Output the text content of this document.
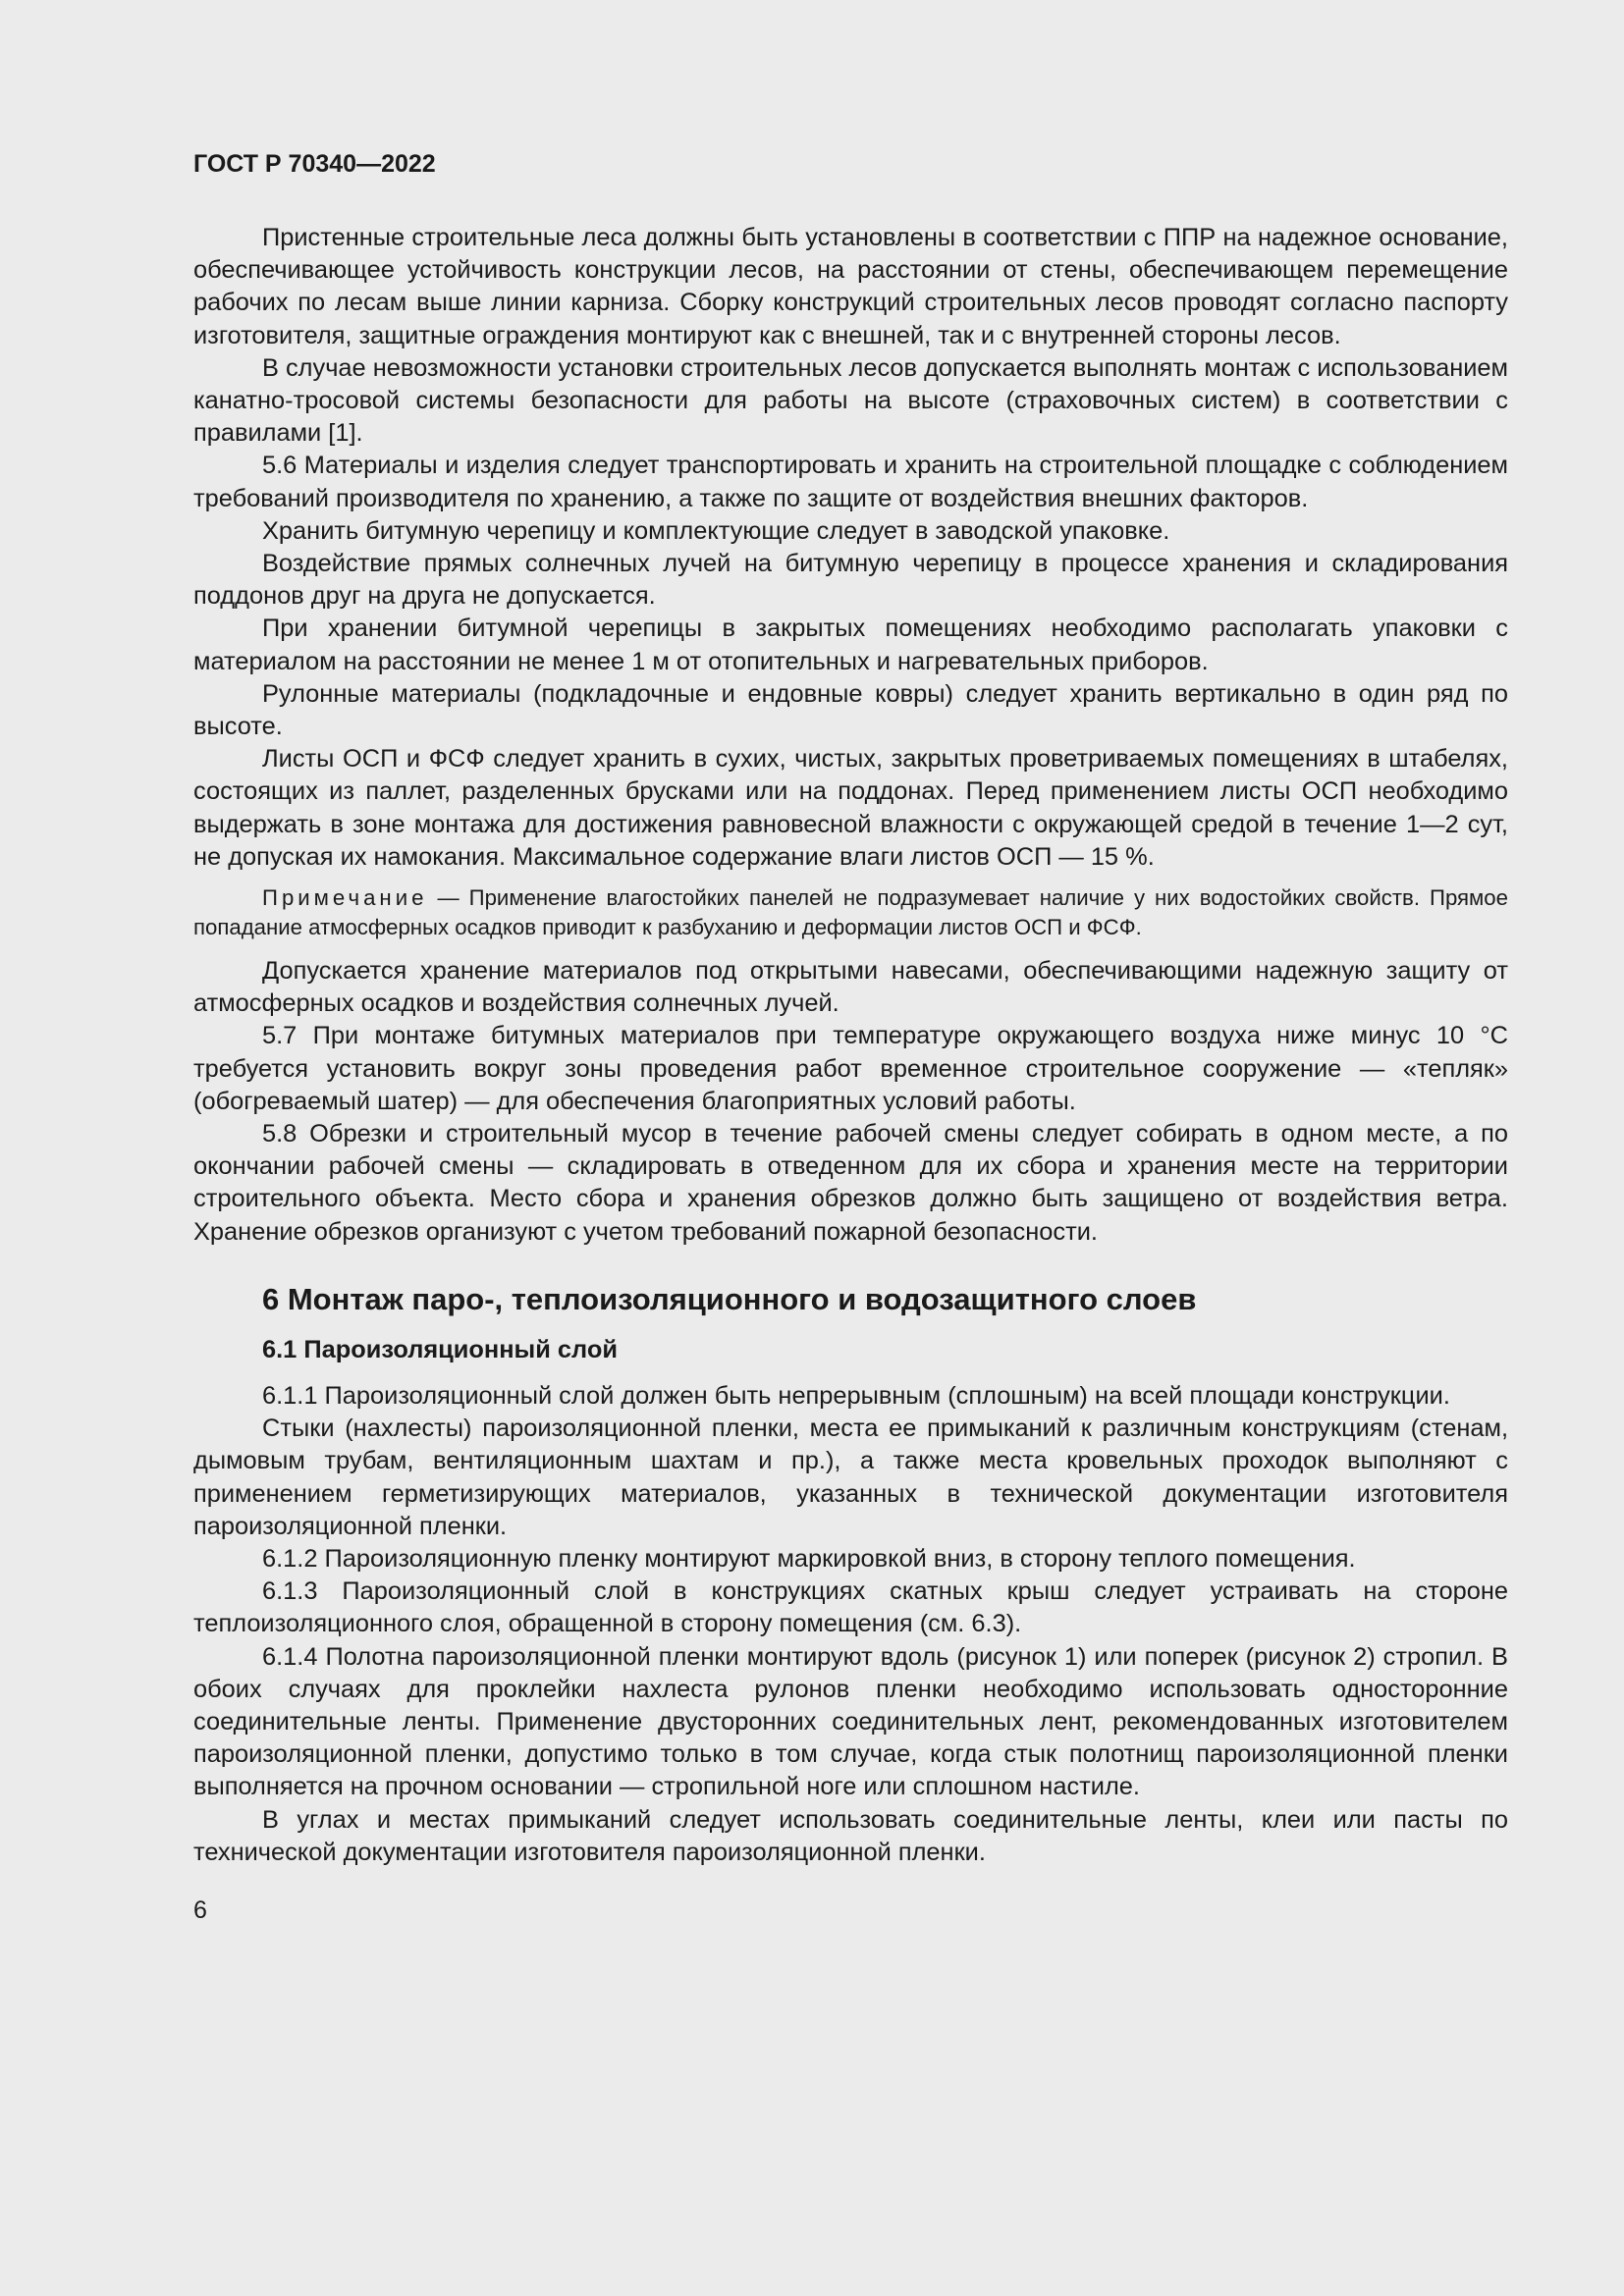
ГОСТ Р 70340—2022

Пристенные строительные леса должны быть установлены в соответствии с ППР на надежное основание, обеспечивающее устойчивость конструкции лесов, на расстоянии от стены, обеспечивающем перемещение рабочих по лесам выше линии карниза. Сборку конструкций строительных лесов проводят согласно паспорту изготовителя, защитные ограждения монтируют как с внешней, так и с внутренней стороны лесов.

В случае невозможности установки строительных лесов допускается выполнять монтаж с использованием канатно-тросовой системы безопасности для работы на высоте (страховочных систем) в соответствии с правилами [1].

5.6 Материалы и изделия следует транспортировать и хранить на строительной площадке с соблюдением требований производителя по хранению, а также по защите от воздействия внешних факторов.

Хранить битумную черепицу и комплектующие следует в заводской упаковке.

Воздействие прямых солнечных лучей на битумную черепицу в процессе хранения и складирования поддонов друг на друга не допускается.

При хранении битумной черепицы в закрытых помещениях необходимо располагать упаковки с материалом на расстоянии не менее 1 м от отопительных и нагревательных приборов.

Рулонные материалы (подкладочные и ендовные ковры) следует хранить вертикально в один ряд по высоте.

Листы ОСП и ФСФ следует хранить в сухих, чистых, закрытых проветриваемых помещениях в штабелях, состоящих из паллет, разделенных брусками или на поддонах. Перед применением листы ОСП необходимо выдержать в зоне монтажа для достижения равновесной влажности с окружающей средой в течение 1—2 сут, не допуская их намокания. Максимальное содержание влаги листов ОСП — 15 %.

Примечание — Применение влагостойких панелей не подразумевает наличие у них водостойких свойств. Прямое попадание атмосферных осадков приводит к разбуханию и деформации листов ОСП и ФСФ.

Допускается хранение материалов под открытыми навесами, обеспечивающими надежную защиту от атмосферных осадков и воздействия солнечных лучей.

5.7 При монтаже битумных материалов при температуре окружающего воздуха ниже минус 10 °С требуется установить вокруг зоны проведения работ временное строительное сооружение — «тепляк» (обогреваемый шатер) — для обеспечения благоприятных условий работы.

5.8 Обрезки и строительный мусор в течение рабочей смены следует собирать в одном месте, а по окончании рабочей смены — складировать в отведенном для их сбора и хранения месте на территории строительного объекта. Место сбора и хранения обрезков должно быть защищено от воздействия ветра. Хранение обрезков организуют с учетом требований пожарной безопасности.

6 Монтаж паро-, теплоизоляционного и водозащитного слоев
6.1 Пароизоляционный слой

6.1.1 Пароизоляционный слой должен быть непрерывным (сплошным) на всей площади конструкции.

Стыки (нахлесты) пароизоляционной пленки, места ее примыканий к различным конструкциям (стенам, дымовым трубам, вентиляционным шахтам и пр.), а также места кровельных проходок выполняют с применением герметизирующих материалов, указанных в технической документации изготовителя пароизоляционной пленки.

6.1.2 Пароизоляционную пленку монтируют маркировкой вниз, в сторону теплого помещения.

6.1.3 Пароизоляционный слой в конструкциях скатных крыш следует устраивать на стороне теплоизоляционного слоя, обращенной в сторону помещения (см. 6.3).

6.1.4 Полотна пароизоляционной пленки монтируют вдоль (рисунок 1) или поперек (рисунок 2) стропил. В обоих случаях для проклейки нахлеста рулонов пленки необходимо использовать односторонние соединительные ленты. Применение двусторонних соединительных лент, рекомендованных изготовителем пароизоляционной пленки, допустимо только в том случае, когда стык полотнищ пароизоляционной пленки выполняется на прочном основании — стропильной ноге или сплошном настиле.

В углах и местах примыканий следует использовать соединительные ленты, клеи или пасты по технической документации изготовителя пароизоляционной пленки.

6
